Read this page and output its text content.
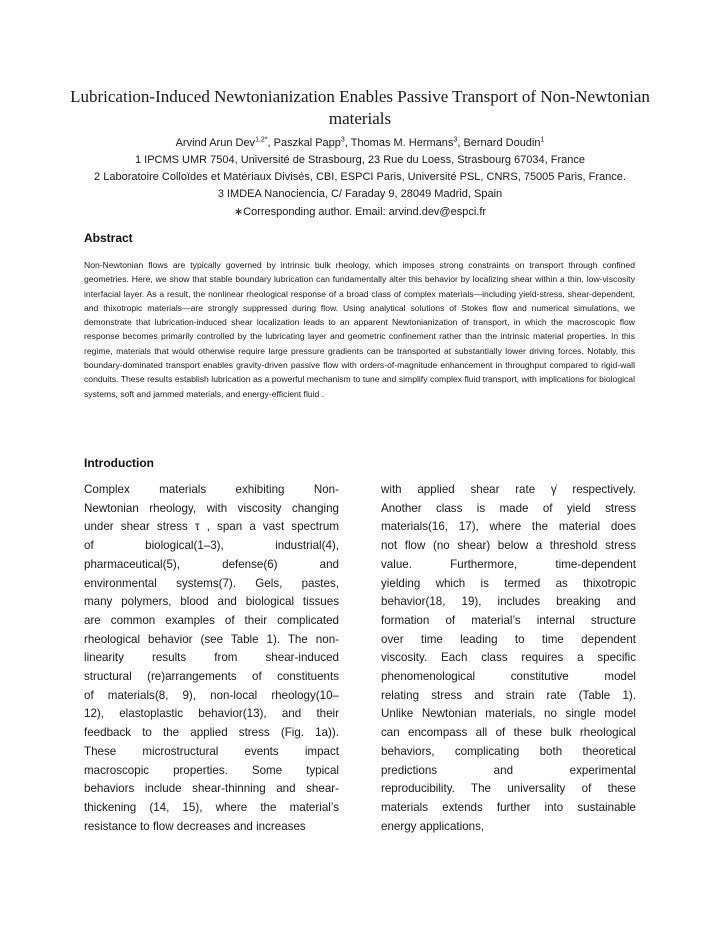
Lubrication-Induced Newtonianization Enables Passive Transport of Non-Newtonian materials
Arvind Arun Dev$^{1,2*}$, Paszkal Papp$^3$, Thomas M. Hermans$^3$, Bernard Doudin$^1$
1 IPCMS UMR 7504, Université de Strasbourg, 23 Rue du Loess, Strasbourg 67034, France
2 Laboratoire Colloïdes et Matériaux Divisés, CBI, ESPCI Paris, Université PSL, CNRS, 75005 Paris, France.
3 IMDEA Nanociencia, C/ Faraday 9, 28049 Madrid, Spain
∗Corresponding author. Email: arvind.dev@espci.fr
Abstract
Non-Newtonian flows are typically governed by intrinsic bulk rheology, which imposes strong constraints on transport through confined geometries. Here, we show that stable boundary lubrication can fundamentally alter this behavior by localizing shear within a thin, low-viscosity interfacial layer. As a result, the nonlinear rheological response of a broad class of complex materials—including yield-stress, shear-dependent, and thixotropic materials—are strongly suppressed during flow. Using analytical solutions of Stokes flow and numerical simulations, we demonstrate that lubrication-induced shear localization leads to an apparent Newtonianization of transport, in which the macroscopic flow response becomes primarily controlled by the lubricating layer and geometric confinement rather than the intrinsic material properties. In this regime, materials that would otherwise require large pressure gradients can be transported at substantially lower driving forces. Notably, this boundary-dominated transport enables gravity-driven passive flow with orders-of-magnitude enhancement in throughput compared to rigid-wall conduits. These results establish lubrication as a powerful mechanism to tune and simplify complex fluid transport, with implications for biological systems, soft and jammed materials, and energy-efficient fluid .
Introduction
Complex materials exhibiting Non-
Newtonian rheology, with viscosity changing
under shear stress τ , span a vast spectrum
of biological(1–3), industrial(4),
pharmaceutical(5), defense(6) and
environmental systems(7). Gels, pastes,
many polymers, blood and biological tissues
are common examples of their complicated
rheological behavior (see Table 1). The non-
linearity results from shear-induced
structural (re)arrangements of constituents
of materials(8, 9), non-local rheology(10–
12), elastoplastic behavior(13), and their
feedback to the applied stress (Fig. 1a)).
These microstructural events impact
macroscopic properties. Some typical
behaviors include shear-thinning and shear-
thickening (14, 15), where the material’s
resistance to flow decreases and increases
with applied shear rate γ̇ respectively.
Another class is made of yield stress
materials(16, 17), where the material does
not flow (no shear) below a threshold stress
value. Furthermore, time-dependent
yielding which is termed as thixotropic
behavior(18, 19), includes breaking and
formation of material’s internal structure
over time leading to time dependent
viscosity. Each class requires a specific
phenomenological constitutive model
relating stress and strain rate (Table 1).
Unlike Newtonian materials, no single model
can encompass all of these bulk rheological
behaviors, complicating both theoretical
predictions and experimental
reproducibility. The universality of these
materials extends further into sustainable
energy applications,
